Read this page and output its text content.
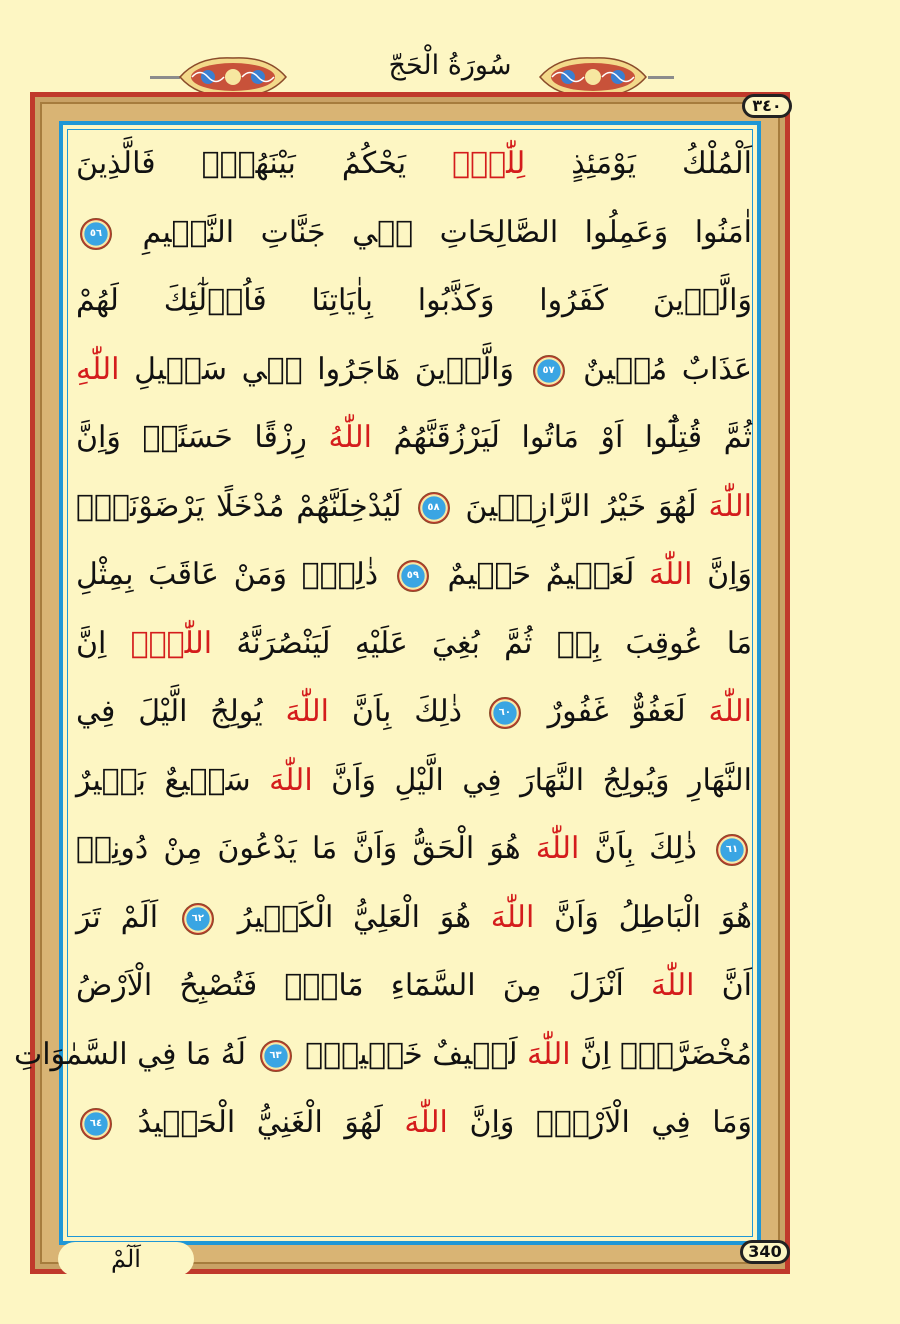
سُورَةُ الْحَجّ
٣٤٠
اَلْمُلْكُ يَوْمَئِذٍ لِلّٰهِۜ يَحْكُمُ بَيْنَهُمْۜ فَالَّذِينَ
اٰمَنُوا وَعَمِلُوا الصَّالِحَاتِ فٖي جَنَّاتِ النَّعٖيمِ ٥٦
وَالَّذٖينَ كَفَرُوا وَكَذَّبُوا بِاٰيَاتِنَا فَاُو۬لٰٓئِكَ لَهُمْ
عَذَابٌ مُهٖينٌ ٥٧ وَالَّذٖينَ هَاجَرُوا فٖي سَبٖيلِ اللّٰهِ
ثُمَّ قُتِلُٓوا اَوْ مَاتُوا لَيَرْزُقَنَّهُمُ اللّٰهُ رِزْقًا حَسَنًاۜ وَاِنَّ
اللّٰهَ لَهُوَ خَيْرُ الرَّازِقٖينَ ٥٨ لَيُدْخِلَنَّهُمْ مُدْخَلًا يَرْضَوْنَهُۜ
وَاِنَّ اللّٰهَ لَعَلٖيمٌ حَلٖيمٌ ٥٩ ذٰلِكَۚ وَمَنْ عَاقَبَ بِمِثْلِ
مَا عُوقِبَ بِهٖ ثُمَّ بُغِيَ عَلَيْهِ لَيَنْصُرَنَّهُ اللّٰهُۜ اِنَّ
اللّٰهَ لَعَفُوٌّ غَفُورٌ ٦٠ ذٰلِكَ بِاَنَّ اللّٰهَ يُولِجُ الَّيْلَ فِي
النَّهَارِ وَيُولِجُ النَّهَارَ فِي الَّيْلِ وَاَنَّ اللّٰهَ سَمٖيعٌ بَصٖيرٌ
٦١ ذٰلِكَ بِاَنَّ اللّٰهَ هُوَ الْحَقُّ وَاَنَّ مَا يَدْعُونَ مِنْ دُونِهٖ
هُوَ الْبَاطِلُ وَاَنَّ اللّٰهَ هُوَ الْعَلِيُّ الْكَبٖيرُ ٦٢ اَلَمْ تَرَ
اَنَّ اللّٰهَ اَنْزَلَ مِنَ السَّمَٓاءِ مَٓاءًۘ فَتُصْبِحُ الْاَرْضُ
مُخْضَرَّةًۜ اِنَّ اللّٰهَ لَطٖيفٌ خَبٖيرٌۚ ٦٣ لَهُ مَا فِي السَّمٰوَاتِ
وَمَا فِي الْاَرْضِۜ وَاِنَّ اللّٰهَ لَهُوَ الْغَنِيُّ الْحَمٖيدُ ٦٤
340
اَلٓمْ
